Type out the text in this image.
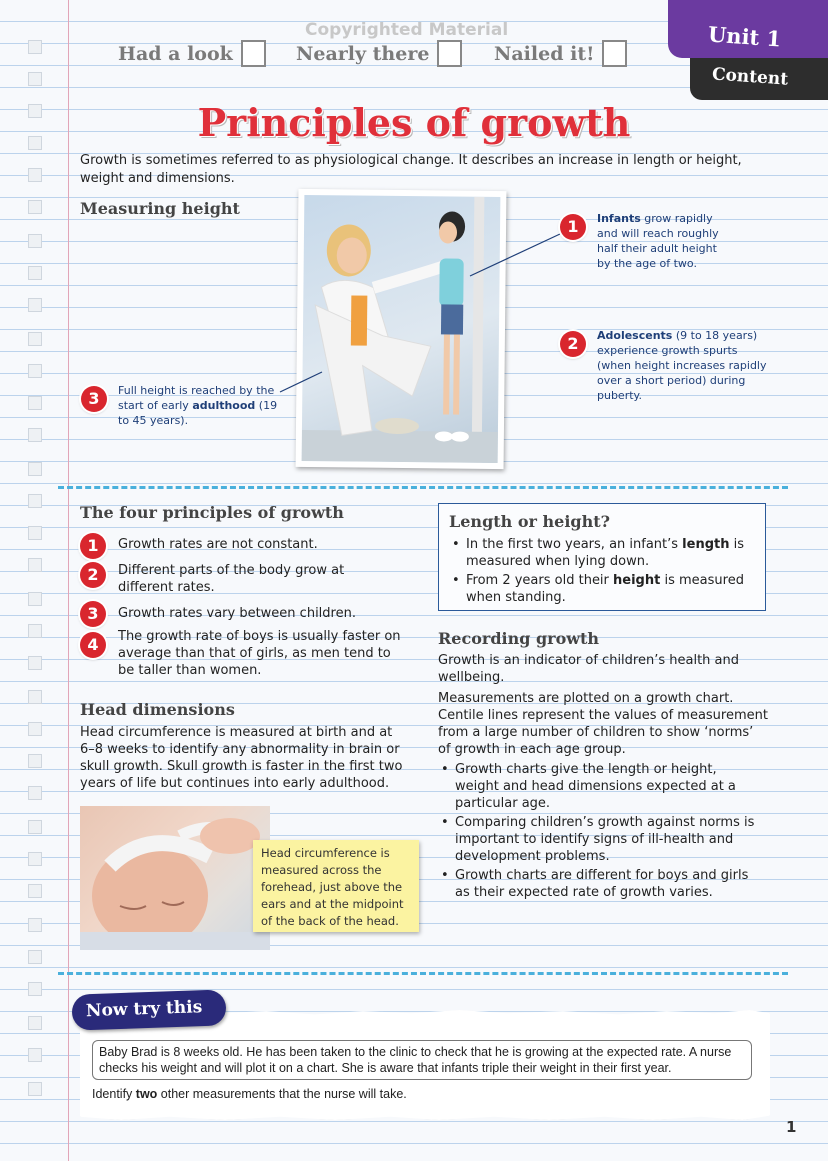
Copyrighted Material
Had a look	Nearly there	Nailed it!
Unit 1
Content
Principles of growth
Growth is sometimes referred to as physiological change. It describes an increase in length or height, weight and dimensions.
Measuring height
1	Infants grow rapidly
and will reach roughly
half their adult height
by the age of two.
2	Adolescents (9 to 18 years)
experience growth spurts
(when height increases rapidly
over a short period) during
puberty.
3	Full height is reached by the
start of early adulthood (19
to 45 years).
The four principles of growth
1	Growth rates are not constant.
2	Different parts of the body grow at different rates.
3	Growth rates vary between children.
4	The growth rate of boys is usually faster on average than that of girls, as men tend to be taller than women.
Length or height?
• In the first two years, an infant’s length is measured when lying down.
• From 2 years old their height is measured when standing.
Recording growth
Growth is an indicator of children’s health and wellbeing.
Measurements are plotted on a growth chart. Centile lines represent the values of measurement from a large number of children to show ‘norms’ of growth in each age group.
• Growth charts give the length or height, weight and head dimensions expected at a particular age.
• Comparing children’s growth against norms is important to identify signs of ill-health and development problems.
• Growth charts are different for boys and girls as their expected rate of growth varies.
Head dimensions
Head circumference is measured at birth and at 6–8 weeks to identify any abnormality in brain or skull growth. Skull growth is faster in the first two years of life but continues into early adulthood.
Head circumference is measured across the forehead, just above the ears and at the midpoint of the back of the head.
Now try this
Baby Brad is 8 weeks old. He has been taken to the clinic to check that he is growing at the expected rate. A nurse checks his weight and will plot it on a chart. She is aware that infants triple their weight in their first year.
Identify two other measurements that the nurse will take.
1
